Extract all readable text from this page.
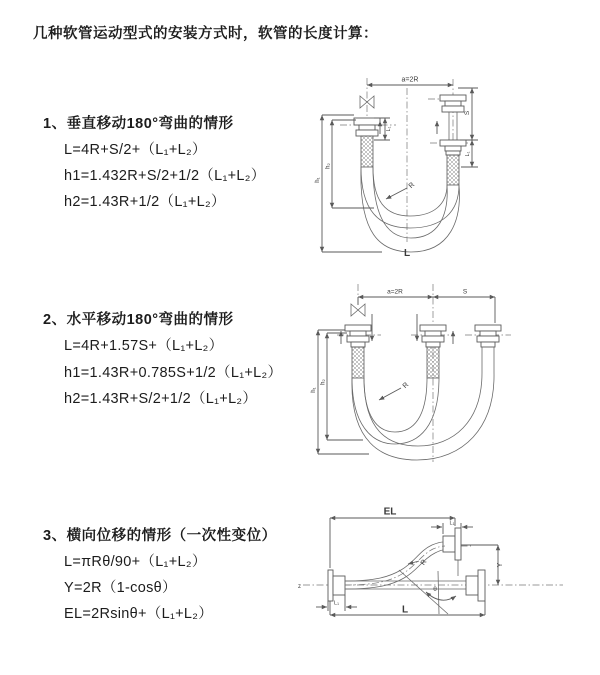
几种软管运动型式的安装方式时，软管的长度计算：
1、垂直移动180°弯曲的情形
L=4R+S/2+（L₁+L₂）
h1=1.432R+S/2+1/2（L₁+L₂）
h2=1.43R+1/2（L₁+L₂）
a=2R
h₁
h₂
L₁
S
L₁
R
L
2、水平移动180°弯曲的情形
L=4R+1.57S+（L₁+L₂）
h1=1.43R+0.785S+1/2（L₁+L₂）
h2=1.43R+S/2+1/2（L₁+L₂）
a=2R	S
h₁
h₂	R
3、横向位移的情形（一次性变位）
L=πRθ/90+（L₁+L₂）
Y=2R（1-cosθ）
EL=2Rsinθ+（L₁+L₂）
z
EL
L₁
Y
L
L₁
R
θ
